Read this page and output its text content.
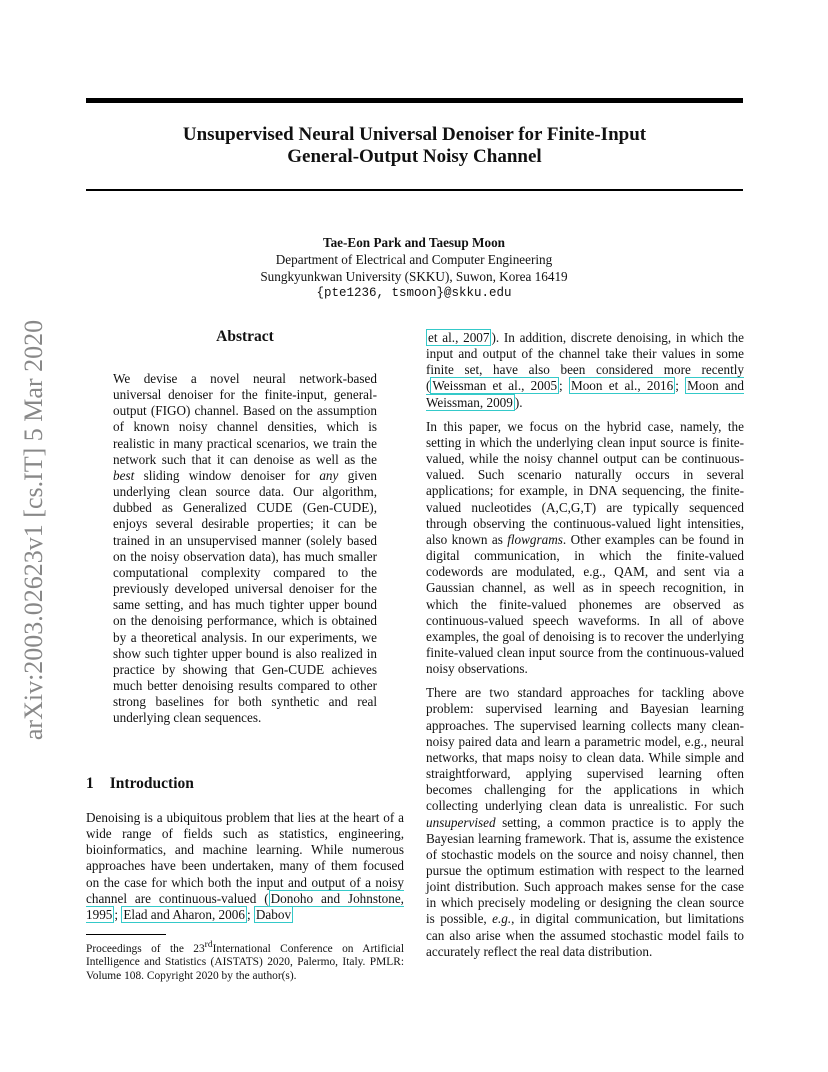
Unsupervised Neural Universal Denoiser for Finite-Input
General-Output Noisy Channel
Tae-Eon Park and Taesup Moon
Department of Electrical and Computer Engineering
Sungkyunkwan University (SKKU), Suwon, Korea 16419
{pte1236, tsmoon}@skku.edu
arXiv:2003.02623v1 [cs.IT] 5 Mar 2020	Abstract

We devise a novel neural network-based universal denoiser for the finite-input, general-output (FIGO) channel. Based on the assumption of known noisy channel densities, which is realistic in many practical scenarios, we train the network such that it can denoise as well as the best sliding window denoiser for any given underlying clean source data. Our algorithm, dubbed as Generalized CUDE (Gen-CUDE), enjoys several desirable properties; it can be trained in an unsupervised manner (solely based on the noisy observation data), has much smaller computational complexity compared to the previously developed universal denoiser for the same setting, and has much tighter upper bound on the denoising performance, which is obtained by a theoretical analysis. In our experiments, we show such tighter upper bound is also realized in practice by showing that Gen-CUDE achieves much better denoising results compared to other strong baselines for both synthetic and real underlying clean sequences.

1 Introduction

Denoising is a ubiquitous problem that lies at the heart of a wide range of fields such as statistics, engineering, bioinformatics, and machine learning. While numerous approaches have been undertaken, many of them focused on the case for which both the input and output of a noisy channel are continuous-valued ( Donoho and Johnstone, 1995 ; Elad and Aharon, 2006 ; Dabov

et al., 2007 ). In addition, discrete denoising, in which the input and output of the channel take their values in some finite set, have also been considered more recently ( Weissman et al., 2005 ; Moon et al., 2016 ; Moon and Weissman, 2009 ).

In this paper, we focus on the hybrid case, namely, the setting in which the underlying clean input source is finite-valued, while the noisy channel output can be continuous-valued. Such scenario naturally occurs in several applications; for example, in DNA sequencing, the finite-valued nucleotides (A,C,G,T) are typically sequenced through observing the continuous-valued light intensities, also known as flowgrams. Other examples can be found in digital communication, in which the finite-valued codewords are modulated, e.g., QAM, and sent via a Gaussian channel, as well as in speech recognition, in which the finite-valued phonemes are observed as continuous-valued speech waveforms. In all of above examples, the goal of denoising is to recover the underlying finite-valued clean input source from the continuous-valued noisy observations.

There are two standard approaches for tackling above problem: supervised learning and Bayesian learning approaches. The supervised learning collects many clean-noisy paired data and learn a parametric model, e.g., neural networks, that maps noisy to clean data. While simple and straightforward, applying supervised learning often becomes challenging for the applications in which collecting underlying clean data is unrealistic. For such unsupervised setting, a common practice is to apply the Bayesian learning framework. That is, assume the existence of stochastic models on the source and noisy channel, then pursue the optimum estimation with respect to the learned joint distribution. Such approach makes sense for the case in which precisely modeling or designing the clean source is possible, e.g., in digital communication, but limitations can also arise when the assumed stochastic model fails to accurately reflect the real data distribution.

Proceedings of the 23rdInternational Conference on Artificial Intelligence and Statistics (AISTATS) 2020, Palermo, Italy. PMLR: Volume 108. Copyright 2020 by the author(s).
